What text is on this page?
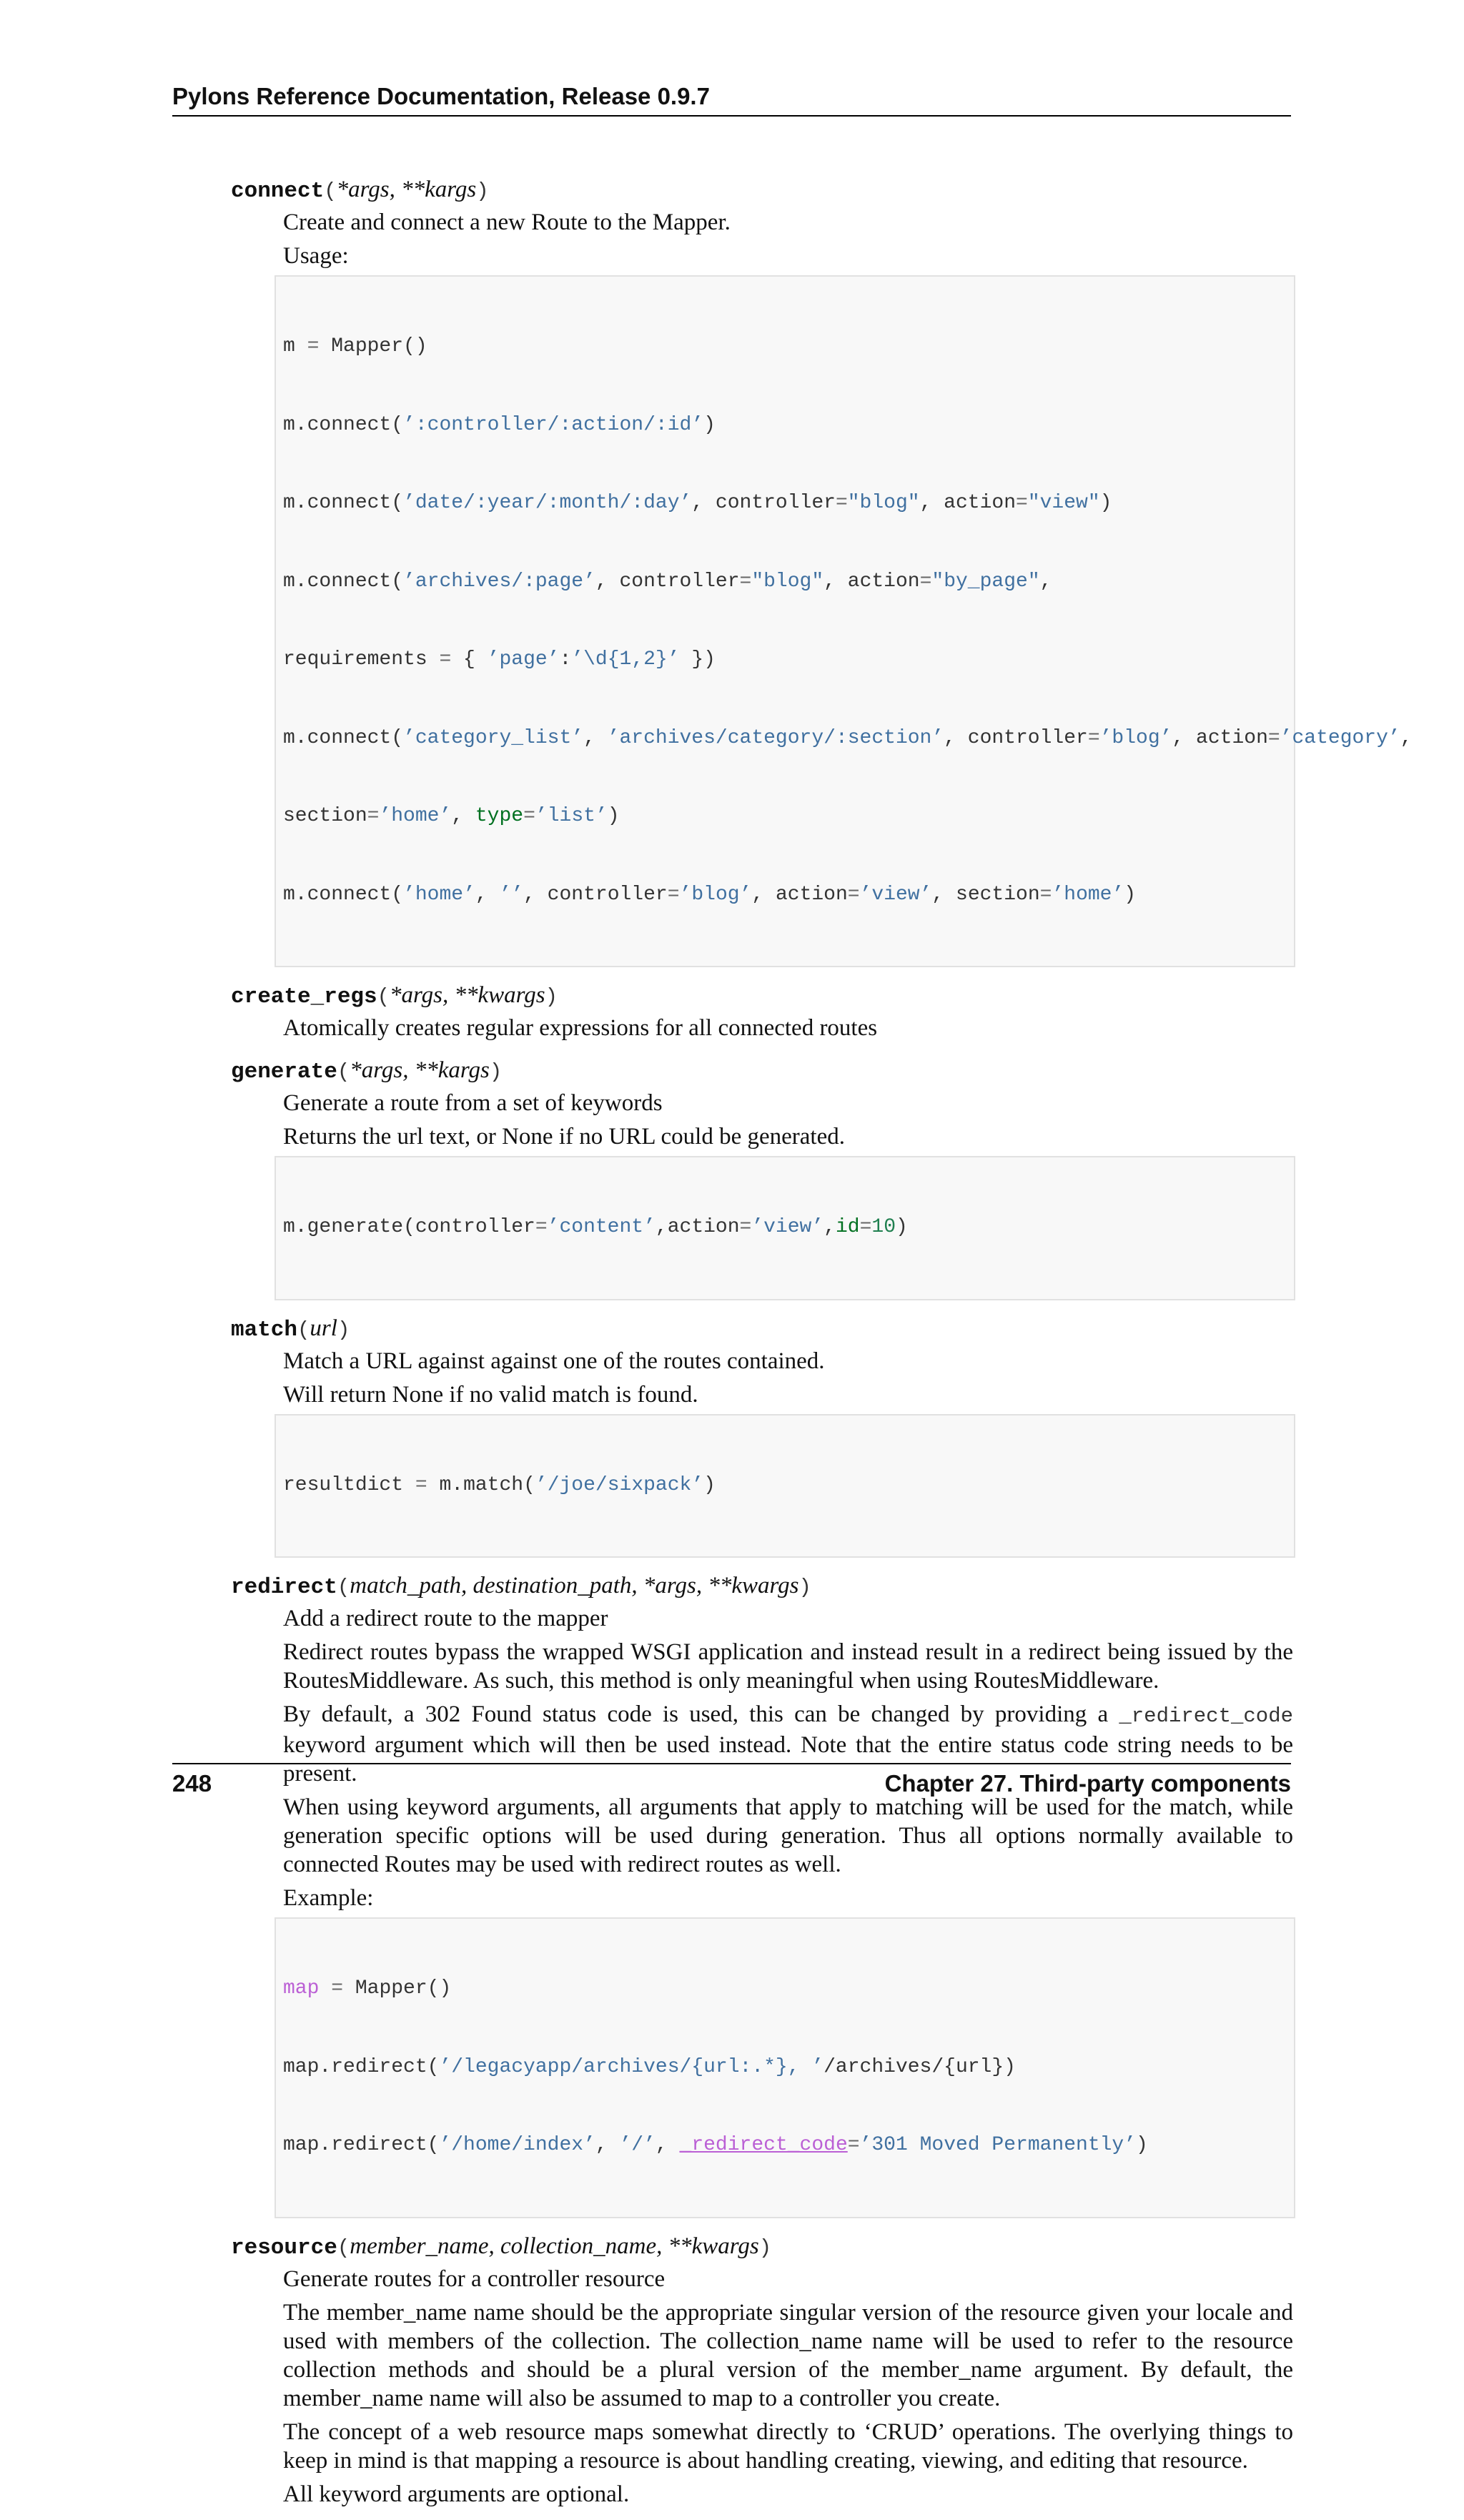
Pylons Reference Documentation, Release 0.9.7
connect(*args, **kargs)
Create and connect a new Route to the Mapper.
Usage:

m = Mapper()

m.connect(’:controller/:action/:id’)

m.connect(’date/:year/:month/:day’, controller="blog", action="view")

m.connect(’archives/:page’, controller="blog", action="by_page",

requirements = { ’page’:’\d{1,2}’ })

m.connect(’category_list’, ’archives/category/:section’, controller=’blog’, action=’category’,

section=’home’, type=’list’)

m.connect(’home’, ’’, controller=’blog’, action=’view’, section=’home’)

create_regs(*args, **kwargs)
Atomically creates regular expressions for all connected routes
generate(*args, **kargs)
Generate a route from a set of keywords
Returns the url text, or None if no URL could be generated.

m.generate(controller=’content’,action=’view’,id=10)

match(url)
Match a URL against against one of the routes contained.
Will return None if no valid match is found.

resultdict = m.match(’/joe/sixpack’)

redirect(match_path, destination_path, *args, **kwargs)
Add a redirect route to the mapper
Redirect routes bypass the wrapped WSGI application and instead result in a redirect being issued by the RoutesMiddleware. As such, this method is only meaningful when using RoutesMiddleware.
By default, a 302 Found status code is used, this can be changed by providing a _redirect_code keyword argument which will then be used instead. Note that the entire status code string needs to be present.
When using keyword arguments, all arguments that apply to matching will be used for the match, while generation specific options will be used during generation. Thus all options normally available to connected Routes may be used with redirect routes as well.
Example:

map = Mapper()

map.redirect(’/legacyapp/archives/{url:.*}, ’/archives/{url})

map.redirect(’/home/index’, ’/’, _redirect_code=’301 Moved Permanently’)

resource(member_name, collection_name, **kwargs)
Generate routes for a controller resource
The member_name name should be the appropriate singular version of the resource given your locale and used with members of the collection. The collection_name name will be used to refer to the resource collection methods and should be a plural version of the member_name argument. By default, the member_name name will also be assumed to map to a controller you create.
The concept of a web resource maps somewhat directly to ‘CRUD’ operations. The overlying things to keep in mind is that mapping a resource is about handling creating, viewing, and editing that resource.
All keyword arguments are optional.
248	Chapter 27. Third-party components
